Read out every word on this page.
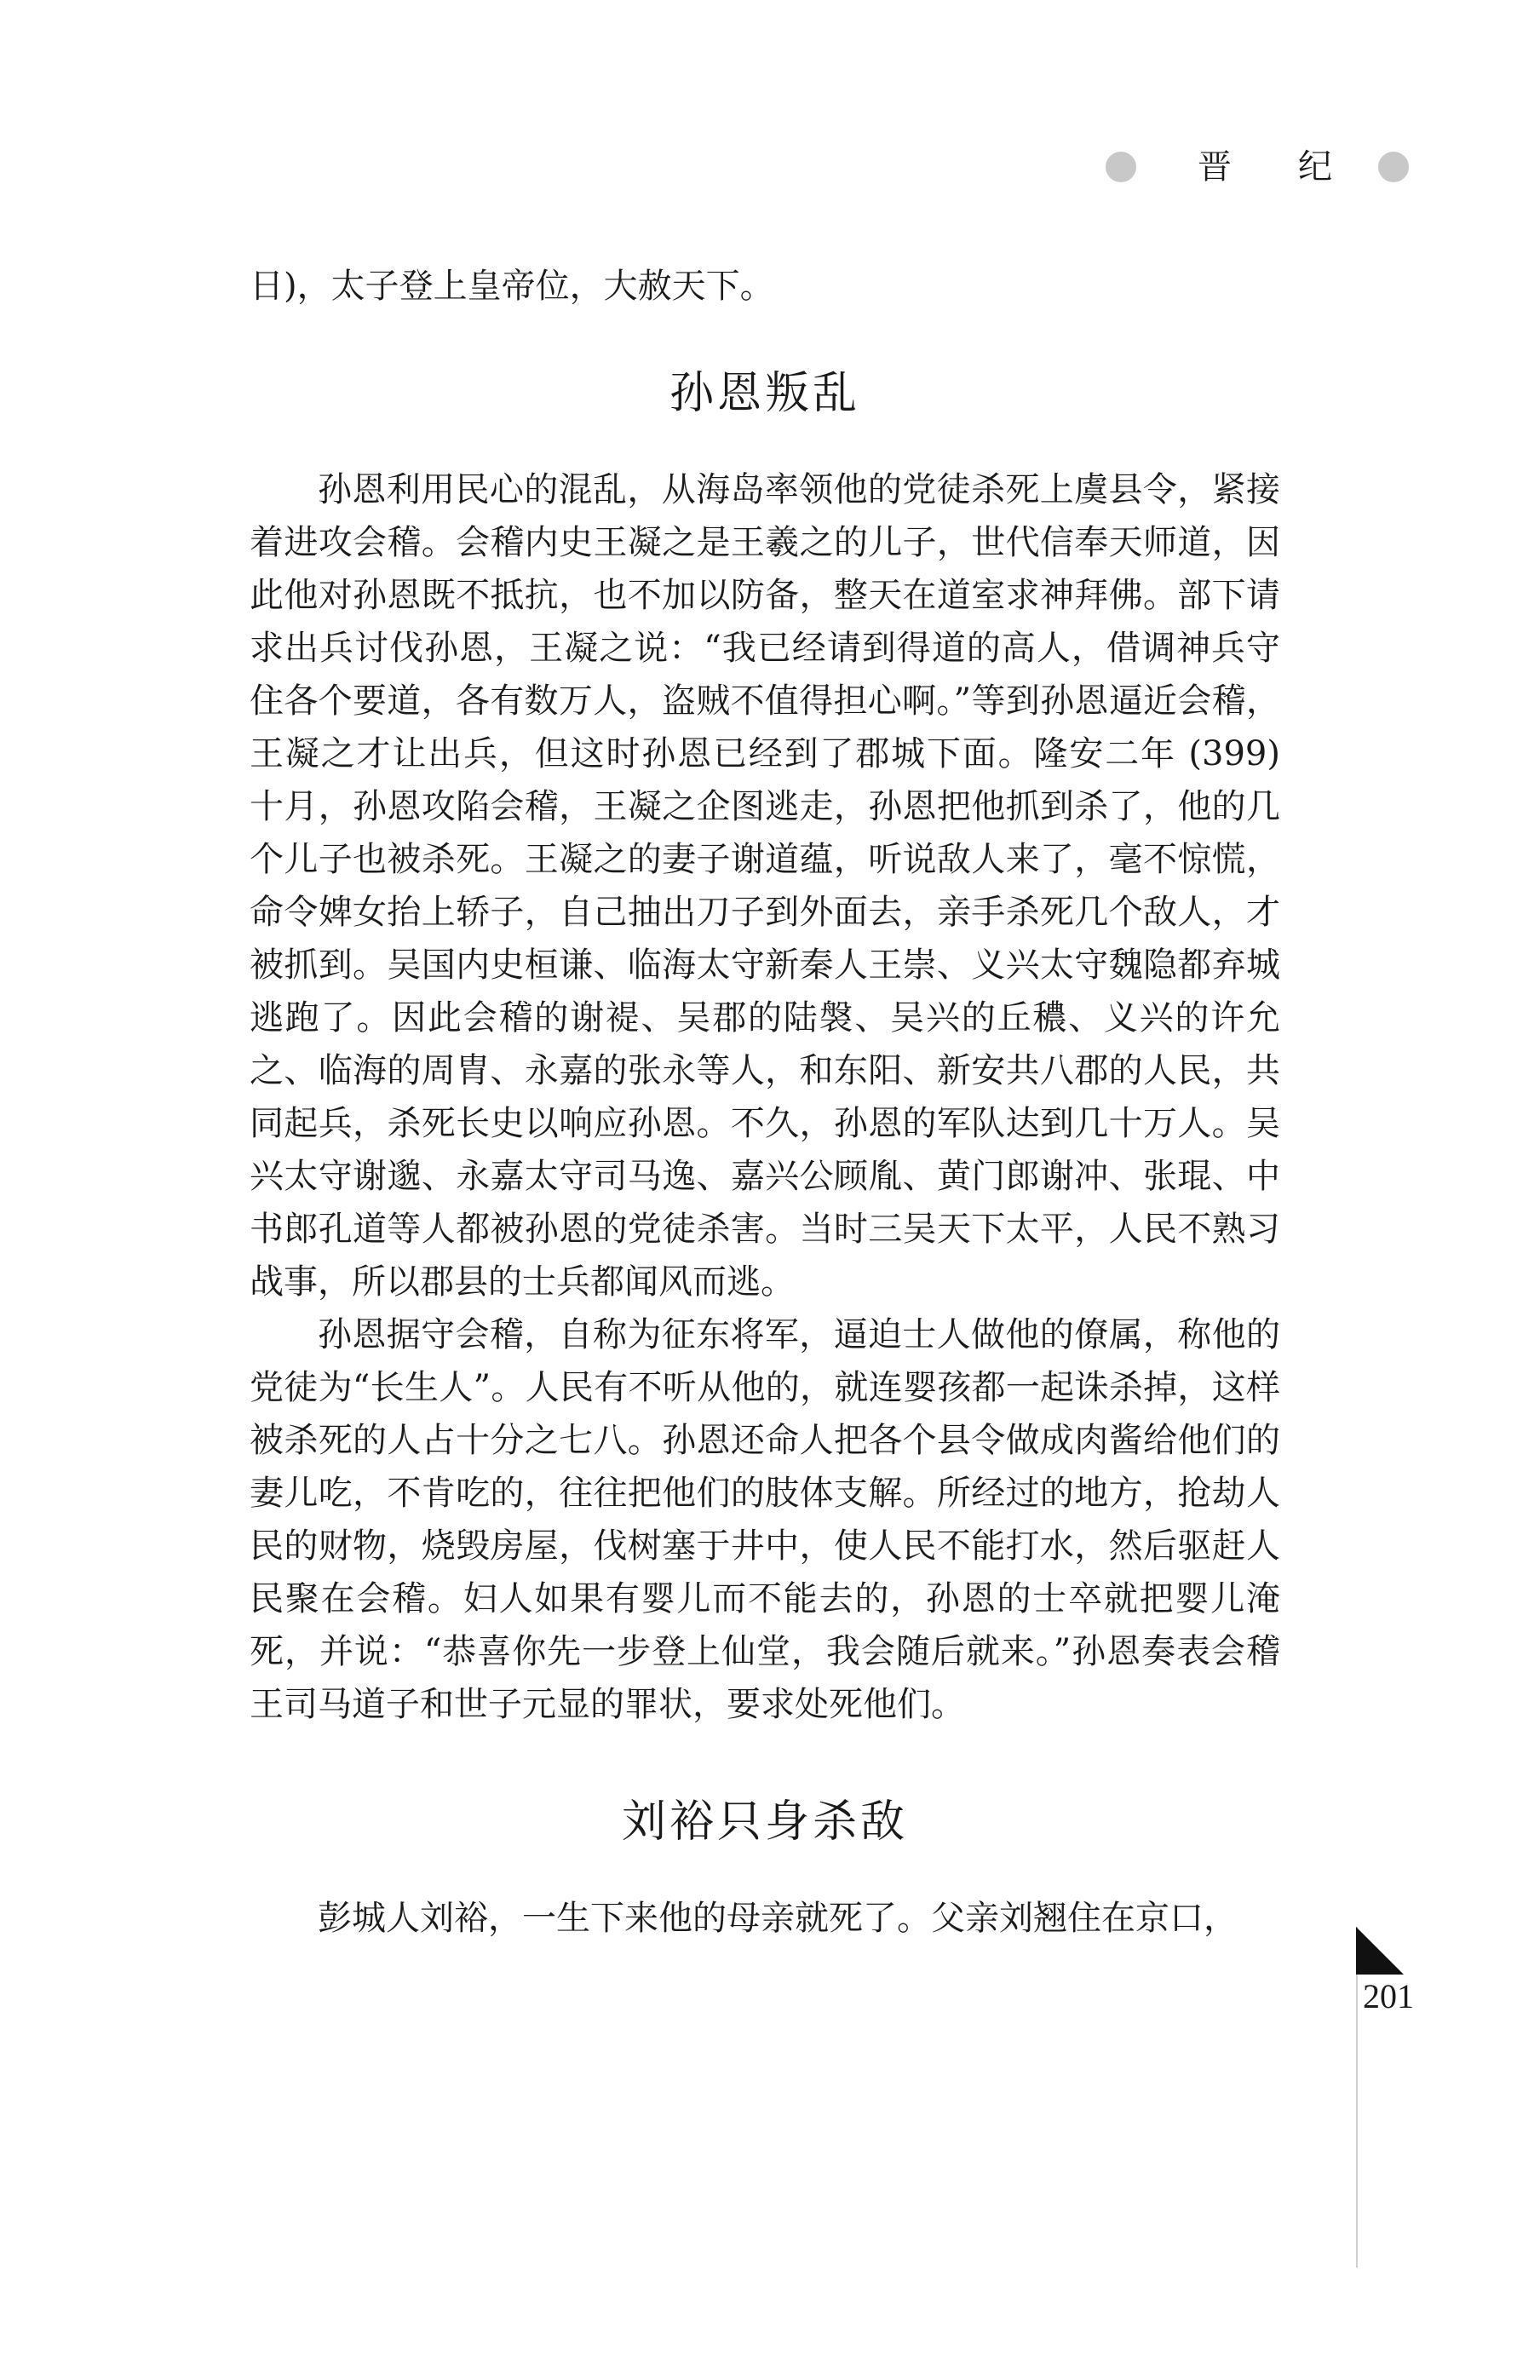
晋 纪

日)，太子登上皇帝位，大赦天下。

孙恩叛乱

孙恩利用民心的混乱，从海岛率领他的党徒杀死上虞县令，紧接着进攻会稽。会稽内史王凝之是王羲之的儿子，世代信奉天师道，因此他对孙恩既不抵抗，也不加以防备，整天在道室求神拜佛。部下请求出兵讨伐孙恩，王凝之说：“我已经请到得道的高人，借调神兵守住各个要道，各有数万人，盗贼不值得担心啊。”等到孙恩逼近会稽，王凝之才让出兵，但这时孙恩已经到了郡城下面。隆安二年 (399) 十月，孙恩攻陷会稽，王凝之企图逃走，孙恩把他抓到杀了，他的几个儿子也被杀死。王凝之的妻子谢道蕴，听说敌人来了，毫不惊慌，命令婢女抬上轿子，自己抽出刀子到外面去，亲手杀死几个敌人，才被抓到。吴国内史桓谦、临海太守新秦人王崇、义兴太守魏隐都弃城逃跑了。因此会稽的谢褆、吴郡的陆褩、吴兴的丘穠、义兴的许允之、临海的周胄、永嘉的张永等人，和东阳、新安共八郡的人民，共同起兵，杀死长史以响应孙恩。不久，孙恩的军队达到几十万人。吴兴太守谢邈、永嘉太守司马逸、嘉兴公顾胤、黄门郎谢冲、张琨、中书郎孔道等人都被孙恩的党徒杀害。当时三吴天下太平，人民不熟习战事，所以郡县的士兵都闻风而逃。

孙恩据守会稽，自称为征东将军，逼迫士人做他的僚属，称他的党徒为“长生人”。人民有不听从他的，就连婴孩都一起诛杀掉，这样被杀死的人占十分之七八。孙恩还命人把各个县令做成肉酱给他们的妻儿吃，不肯吃的，往往把他们的肢体支解。所经过的地方，抢劫人民的财物，烧毁房屋，伐树塞于井中，使人民不能打水，然后驱赶人民聚在会稽。妇人如果有婴儿而不能去的，孙恩的士卒就把婴儿淹死，并说：“恭喜你先一步登上仙堂，我会随后就来。”孙恩奏表会稽王司马道子和世子元显的罪状，要求处死他们。

刘裕只身杀敌

彭城人刘裕，一生下来他的母亲就死了。父亲刘翘住在京口，

201
